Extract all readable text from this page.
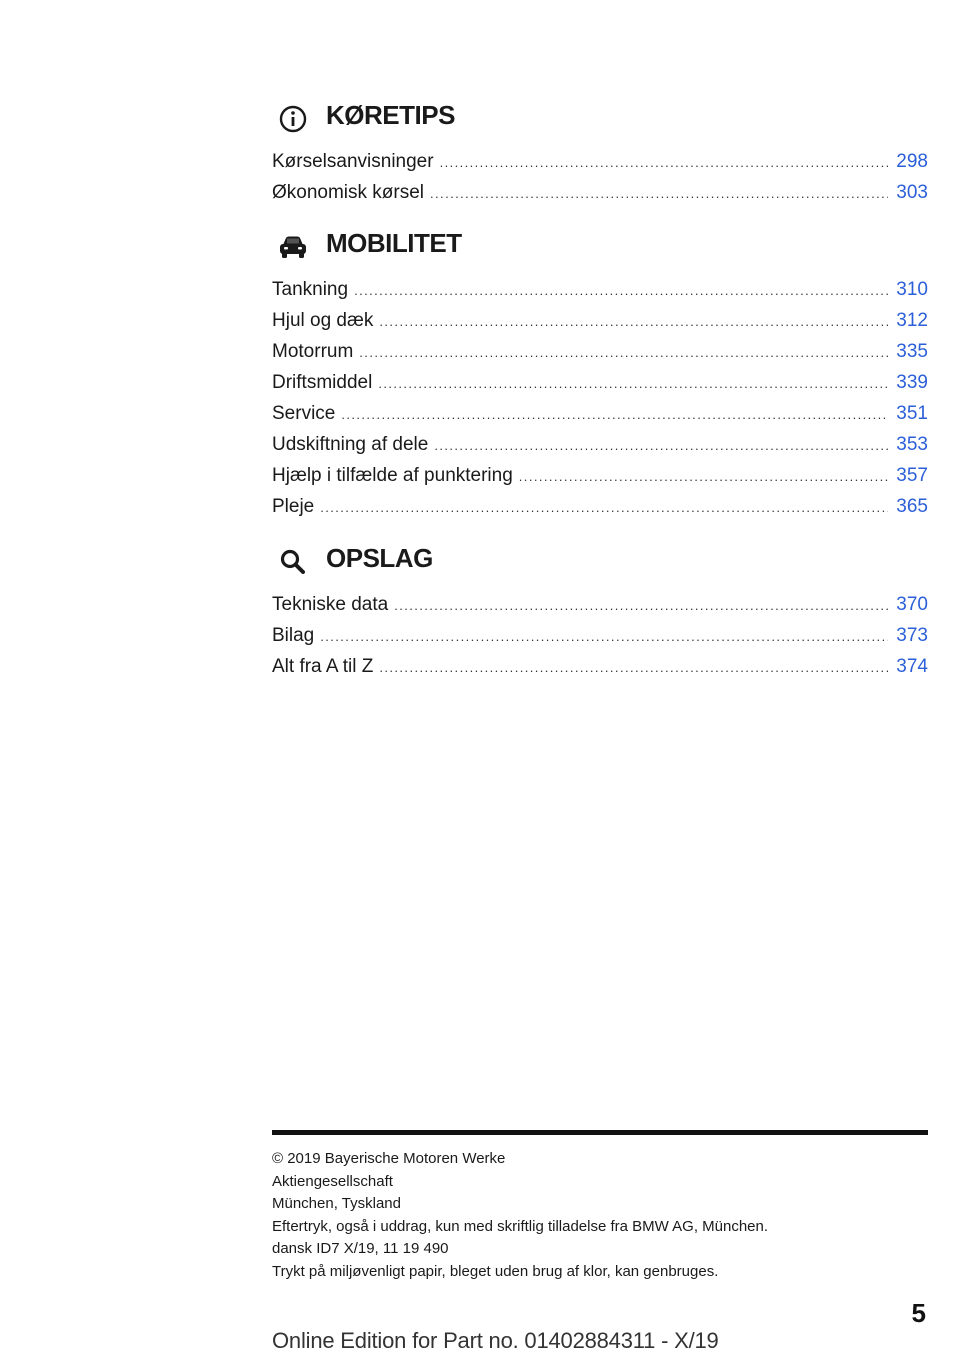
KØRETIPS
Kørselsanvisninger .....	298
Økonomisk kørsel .....	303
MOBILITET
Tankning .....	310
Hjul og dæk .....	312
Motorrum .....	335
Driftsmiddel .....	339
Service .....	351
Udskiftning af dele .....	353
Hjælp i tilfælde af punktering .....	357
Pleje .....	365
OPSLAG
Tekniske data .....	370
Bilag .....	373
Alt fra A til Z .....	374
© 2019 Bayerische Motoren Werke
Aktiengesellschaft
München, Tyskland
Eftertryk, også i uddrag, kun med skriftlig tilladelse fra BMW AG, München.
dansk ID7 X/19, 11 19 490
Trykt på miljøvenligt papir, bleget uden brug af klor, kan genbruges.
5
Online Edition for Part no. 01402884311 - X/19
